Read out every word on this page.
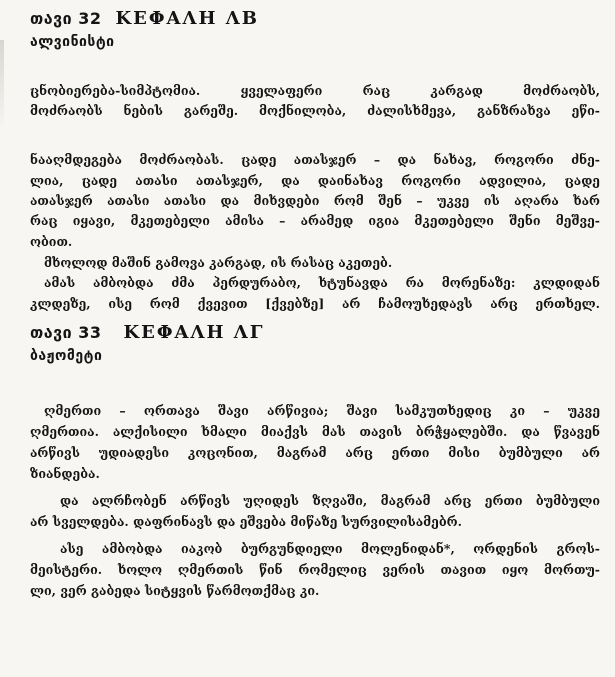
თავი 32 ΚΕΦΑΛΗ ΛΒ
ალვინისტი
ცნობიერება-სიმპტომია. ყველაფერი რაც კარგად მოძრაობს,
მოძრაობს ნების გარეშე. მოქნილობა, ძალისხმევა, განზრახვა ეწი-
ნააღმდეგება მოძრაობას. ცადე ათასჯერ – და ნახავ, როგორი ძნე-
ლია, ცადე ათასი ათასჯერ, და დაინახავ როგორი ადვილია, ცადე
ათასჯერ ათასი ათასი და მიხვდები რომ შენ – უკვე ის აღარა ხარ
რაც იყავი, მკეთებელი ამისა – არამედ იგია მკეთებელი შენი მეშვე-
ობით.
მხოლოდ მაშინ გამოვა კარგად, ის რასაც აკეთებ.
ამას ამბობდა ძმა პერდურაბო, ხტუნავდა რა მორენაზე: კლდიდან
კლდეზე, ისე რომ ქვევით [ქვებზე] არ ჩამოუხედავს არც ერთხელ.
თავი 33 ΚΕΦΑΛΗ ΛΓ
ბაჟომეტი
ღმერთი – ორთავა შავი არწივია; შავი სამკუთხედიც კი – უკვე
ღმერთია. ალქისილი ხმალი მიაქვს მას თავის ბრჭყალებში. და წვავენ
არწივს უდიადესი კოცონით, მაგრამ არც ერთი მისი ბუმბული არ
ზიანდება.
და ალრჩობენ არწივს უღიდეს ზღვაში, მაგრამ არც ერთი ბუმბული
არ სველდება. დაფრინავს და ეშვება მიწაზე სურვილისამებრ.
ასე ამბობდა იაკობ ბურგუნდიელი მოლენიდან*, ორდენის გროს-
მეისტერი. ხოლო ღმერთის წინ რომელიც ვერის თავით იყო მორთუ-
ლი, ვერ გაბედა სიტყვის წარმოთქმაც კი.
